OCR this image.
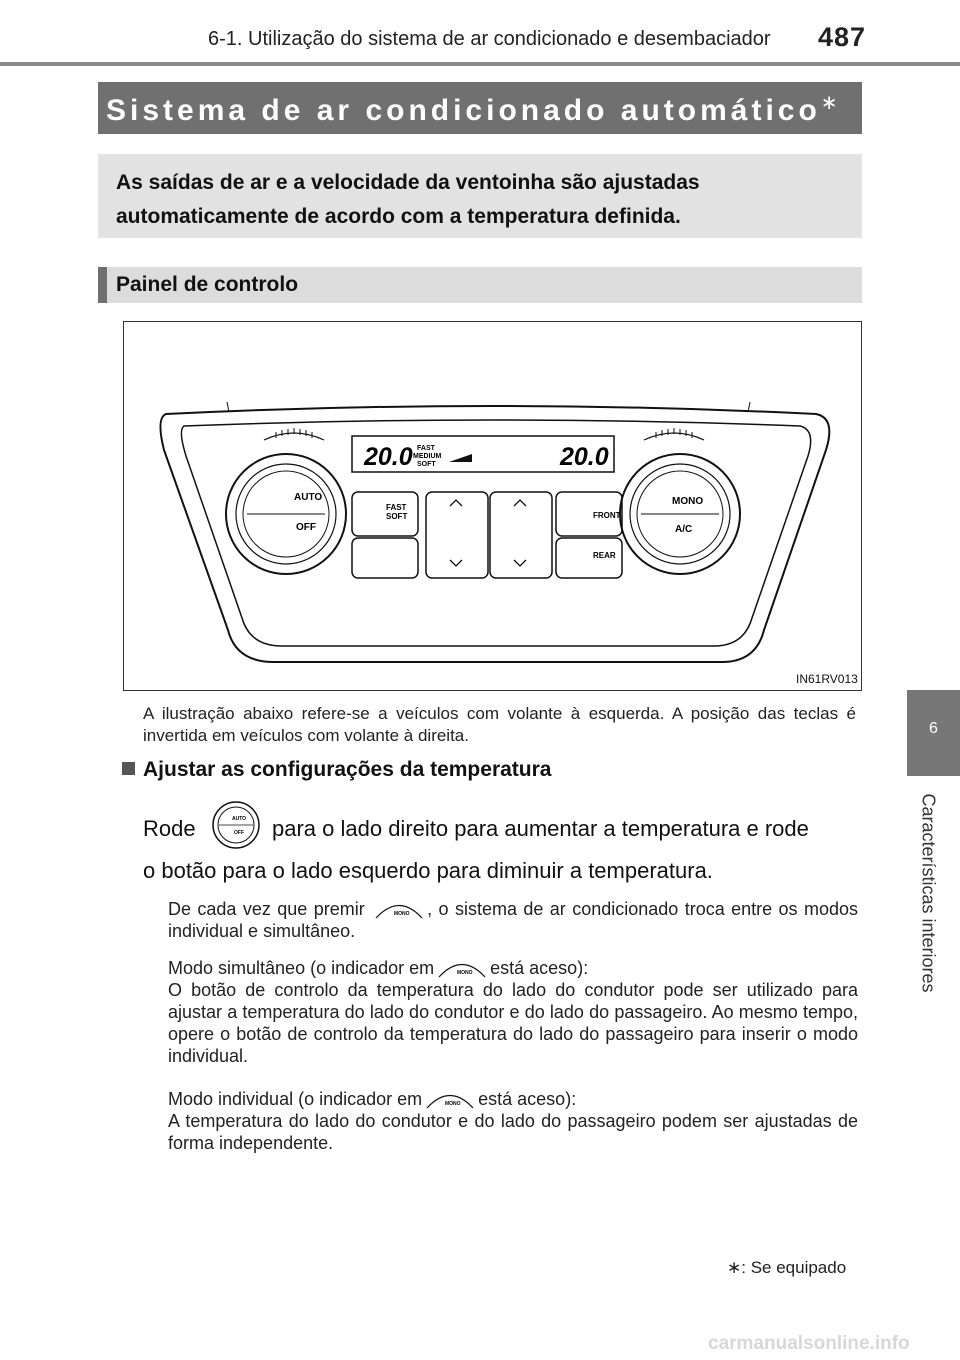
6-1. Utilização do sistema de ar condicionado e desembaciador 487
6
Características interiores
Sistema de ar condicionado automático∗

As saídas de ar e a velocidade da ventoinha são ajustadas automaticamente de acordo com a temperatura definida.

Painel de controlo
20.0	20.0
FAST
MEDIUM
SOFT
AUTO
OFF
MONO
A/C
FAST
SOFT	FRONT
REAR
IN61RV013
A ilustração abaixo refere-se a veículos com volante à esquerda. A posição das teclas é invertida em veículos com volante à direita.
Ajustar as configurações da temperatura
Rode	AUTO
OFF para o lado direito para aumentar a temperatura e rode
o botão para o lado esquerdo para diminuir a temperatura.
De cada vez que premir	MONO , o sistema de ar condicionado troca entre os modos individual e simultâneo.
Modo simultâneo (o indicador em	MONO está aceso):
O botão de controlo da temperatura do lado do condutor pode ser utilizado para ajustar a temperatura do lado do condutor e do lado do passageiro. Ao mesmo tempo, opere o botão de controlo da temperatura do lado do passageiro para inserir o modo individual.
Modo individual (o indicador em	MONO está aceso):
A temperatura do lado do condutor e do lado do passageiro podem ser ajustadas de forma independente.
∗: Se equipado
carmanualsonline.info
